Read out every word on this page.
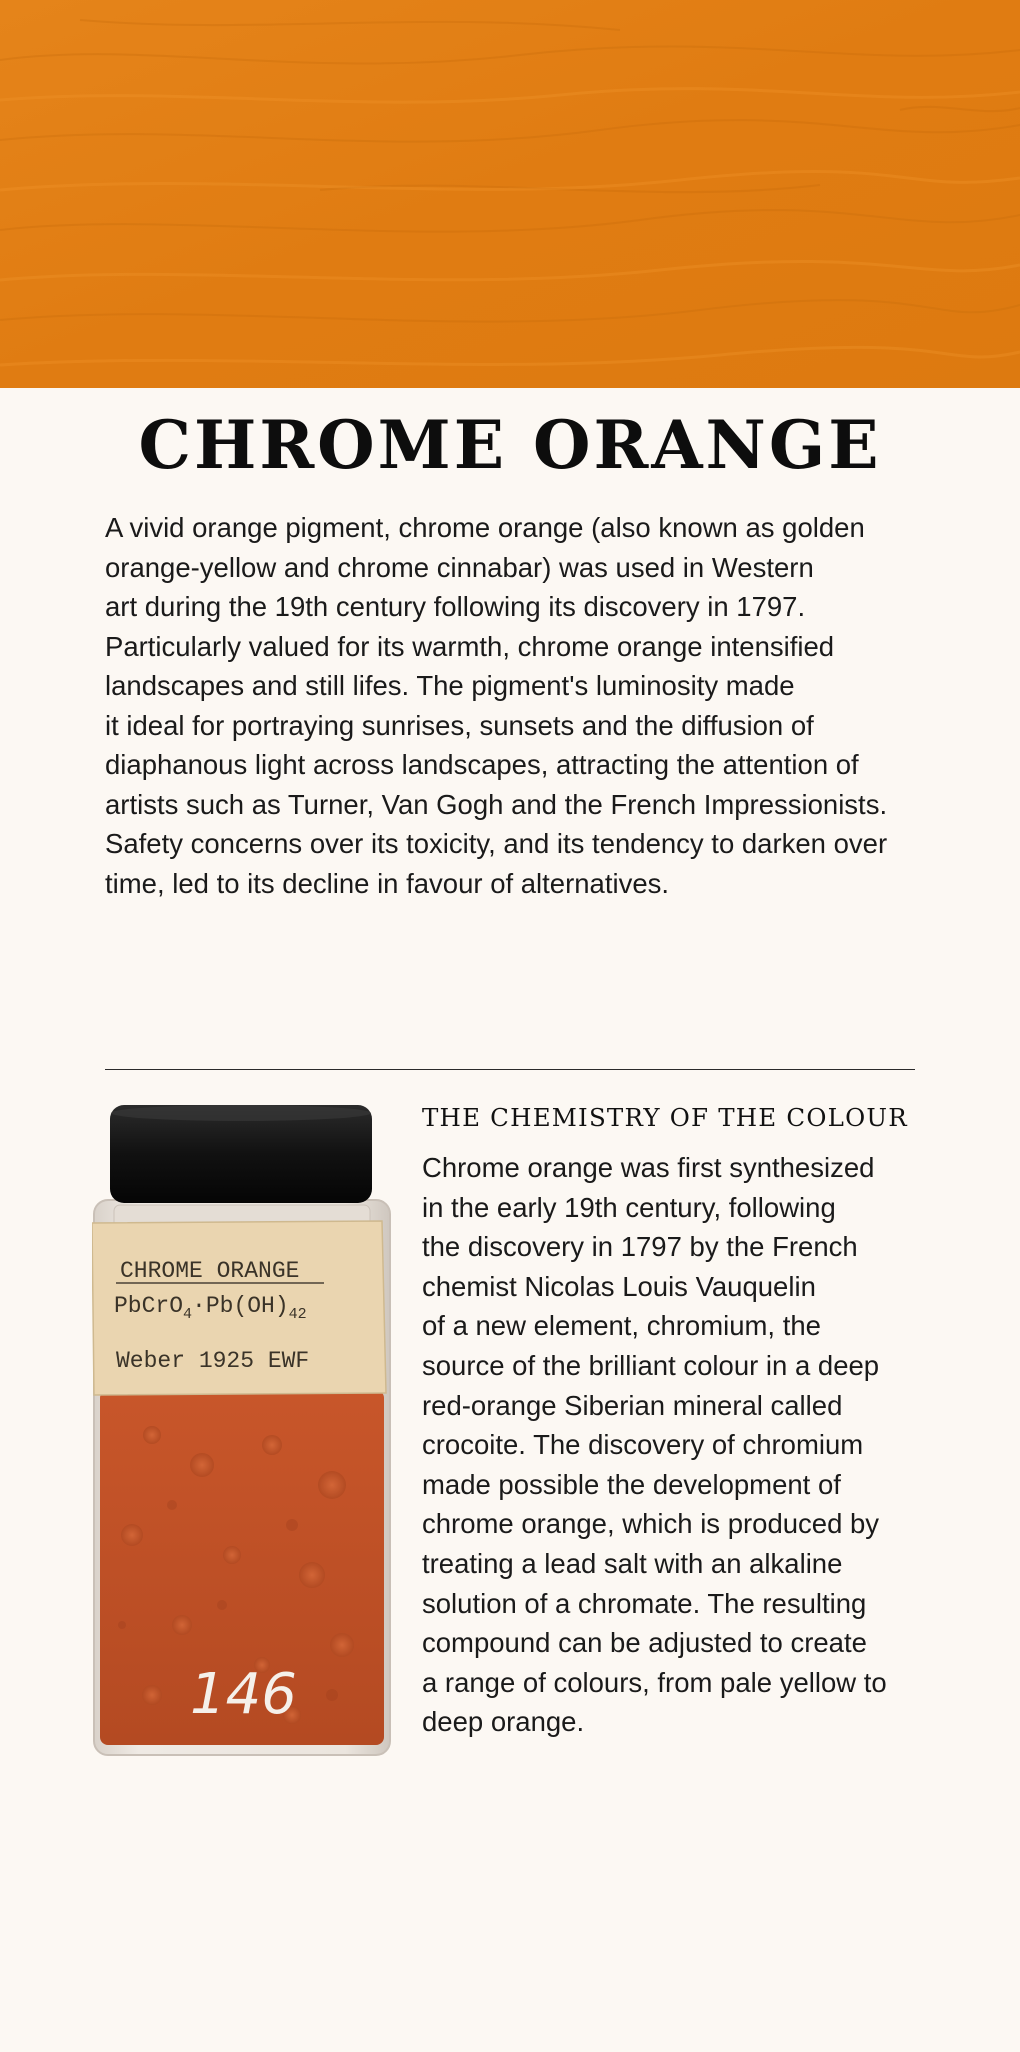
CHROME ORANGE

A vivid orange pigment, chrome orange (also known as golden
orange-yellow and chrome cinnabar) was used in Western
art during the 19th century following its discovery in 1797.
Particularly valued for its warmth, chrome orange intensified
landscapes and still lifes. The pigment's luminosity made
it ideal for portraying sunrises, sunsets and the diffusion of
diaphanous light across landscapes, attracting the attention of
artists such as Turner, Van Gogh and the French Impressionists.
Safety concerns over its toxicity, and its tendency to darken over
time, led to its decline in favour of alternatives.

CHROME ORANGE
$PbCrO_4\cdot Pb(OH)_{42}$
Weber 1925 EWF
146
THE CHEMISTRY OF THE COLOUR

Chrome orange was first synthesized
in the early 19th century, following
the discovery in 1797 by the French
chemist Nicolas Louis Vauquelin
of a new element, chromium, the
source of the brilliant colour in a deep
red-orange Siberian mineral called
crocoite. The discovery of chromium
made possible the development of
chrome orange, which is produced by
treating a lead salt with an alkaline
solution of a chromate. The resulting
compound can be adjusted to create
a range of colours, from pale yellow to
deep orange.
